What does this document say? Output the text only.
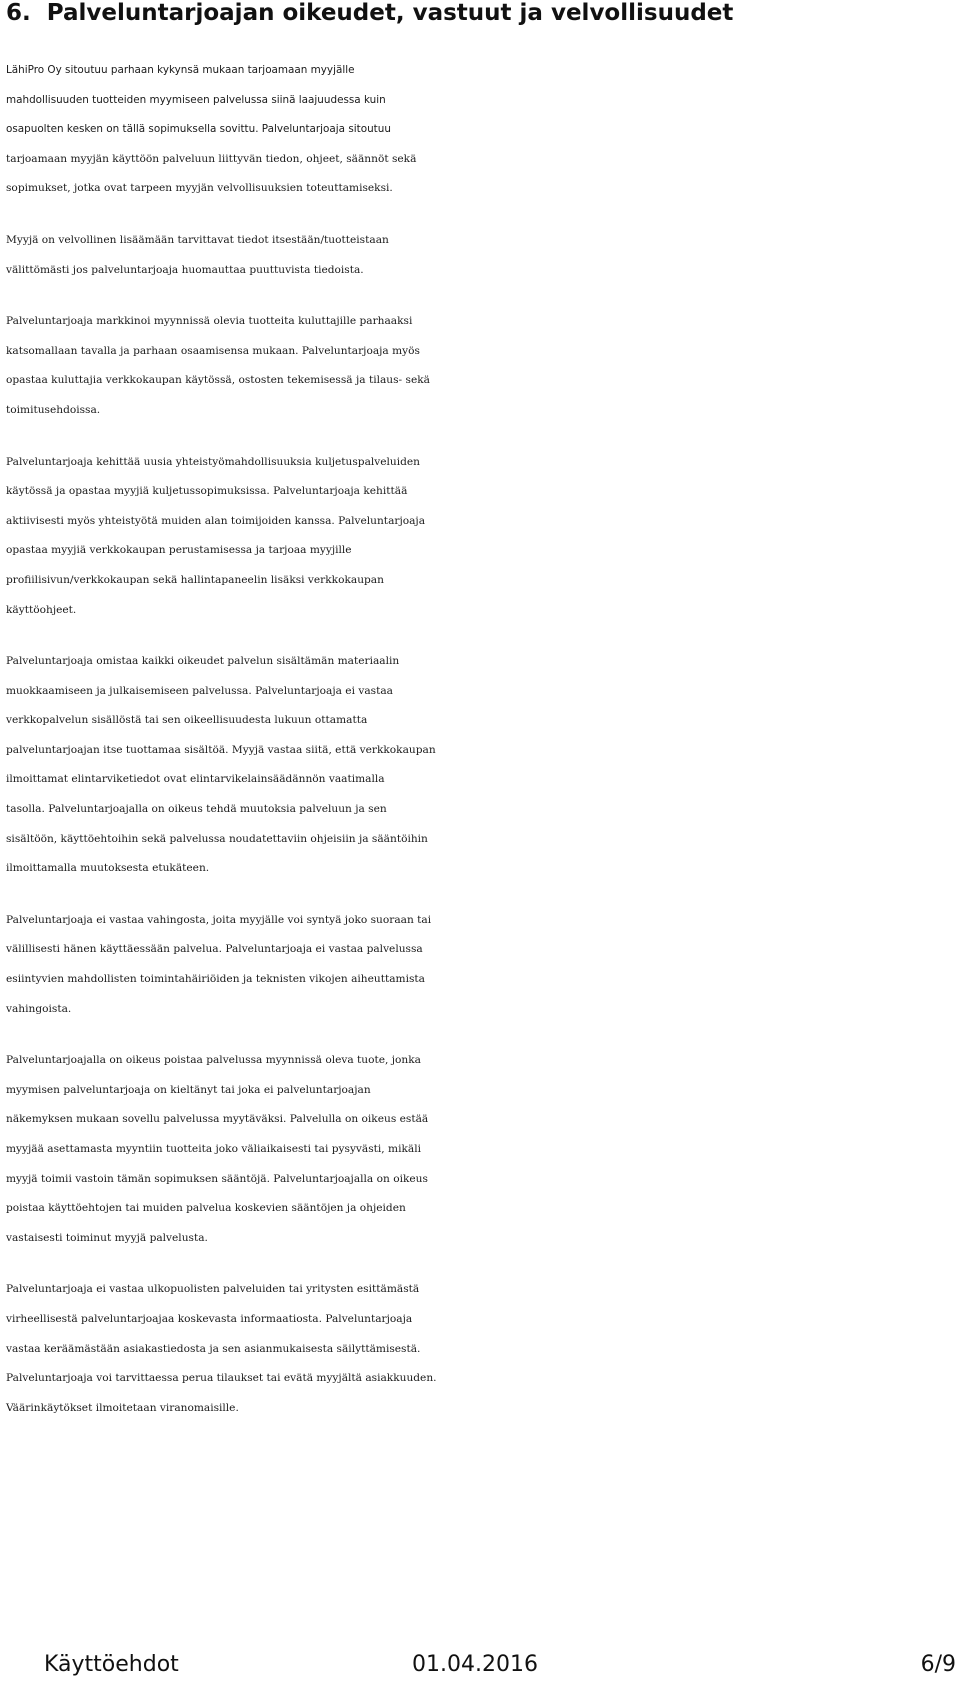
6. Palveluntarjoajan oikeudet, vastuut ja velvollisuudet

LähiPro Oy sitoutuu parhaan kykynsä mukaan tarjoamaan myyjälle
mahdollisuuden tuotteiden myymiseen palvelussa siinä laajuudessa kuin
osapuolten kesken on tällä sopimuksella sovittu. Palveluntarjoaja sitoutuu
tarjoamaan myyjän käyttöön palveluun liittyvän tiedon, ohjeet, säännöt sekä
sopimukset, jotka ovat tarpeen myyjän velvollisuuksien toteuttamiseksi.

Myyjä on velvollinen lisäämään tarvittavat tiedot itsestään/tuotteistaan
välittömästi jos palveluntarjoaja huomauttaa puuttuvista tiedoista.

Palveluntarjoaja markkinoi myynnissä olevia tuotteita kuluttajille parhaaksi
katsomallaan tavalla ja parhaan osaamisensa mukaan. Palveluntarjoaja myös
opastaa kuluttajia verkkokaupan käytössä, ostosten tekemisessä ja tilaus- sekä
toimitusehdoissa.

Palveluntarjoaja kehittää uusia yhteistyömahdollisuuksia kuljetuspalveluiden
käytössä ja opastaa myyjiä kuljetussopimuksissa. Palveluntarjoaja kehittää
aktiivisesti myös yhteistyötä muiden alan toimijoiden kanssa. Palveluntarjoaja
opastaa myyjiä verkkokaupan perustamisessa ja tarjoaa myyjille
profiilisivun/verkkokaupan sekä hallintapaneelin lisäksi verkkokaupan
käyttöohjeet.

Palveluntarjoaja omistaa kaikki oikeudet palvelun sisältämän materiaalin
muokkaamiseen ja julkaisemiseen palvelussa. Palveluntarjoaja ei vastaa
verkkopalvelun sisällöstä tai sen oikeellisuudesta lukuun ottamatta
palveluntarjoajan itse tuottamaa sisältöä. Myyjä vastaa siitä, että verkkokaupan
ilmoittamat elintarviketiedot ovat elintarvikelainsäädännön vaatimalla
tasolla. Palveluntarjoajalla on oikeus tehdä muutoksia palveluun ja sen
sisältöön, käyttöehtoihin sekä palvelussa noudatettaviin ohjeisiin ja sääntöihin
ilmoittamalla muutoksesta etukäteen.

Palveluntarjoaja ei vastaa vahingosta, joita myyjälle voi syntyä joko suoraan tai
välillisesti hänen käyttäessään palvelua. Palveluntarjoaja ei vastaa palvelussa
esiintyvien mahdollisten toimintahäiriöiden ja teknisten vikojen aiheuttamista
vahingoista.

Palveluntarjoajalla on oikeus poistaa palvelussa myynnissä oleva tuote, jonka
myymisen palveluntarjoaja on kieltänyt tai joka ei palveluntarjoajan
näkemyksen mukaan sovellu palvelussa myytäväksi. Palvelulla on oikeus estää
myyjää asettamasta myyntiin tuotteita joko väliaikaisesti tai pysyvästi, mikäli
myyjä toimii vastoin tämän sopimuksen sääntöjä. Palveluntarjoajalla on oikeus
poistaa käyttöehtojen tai muiden palvelua koskevien sääntöjen ja ohjeiden
vastaisesti toiminut myyjä palvelusta.

Palveluntarjoaja ei vastaa ulkopuolisten palveluiden tai yritysten esittämästä
virheellisestä palveluntarjoajaa koskevasta informaatiosta. Palveluntarjoaja
vastaa keräämästään asiakastiedosta ja sen asianmukaisesta säilyttämisestä.
Palveluntarjoaja voi tarvittaessa perua tilaukset tai evätä myyjältä asiakkuuden.
Väärinkäytökset ilmoitetaan viranomaisille.

Käyttöehdot	01.04.2016	6/9
